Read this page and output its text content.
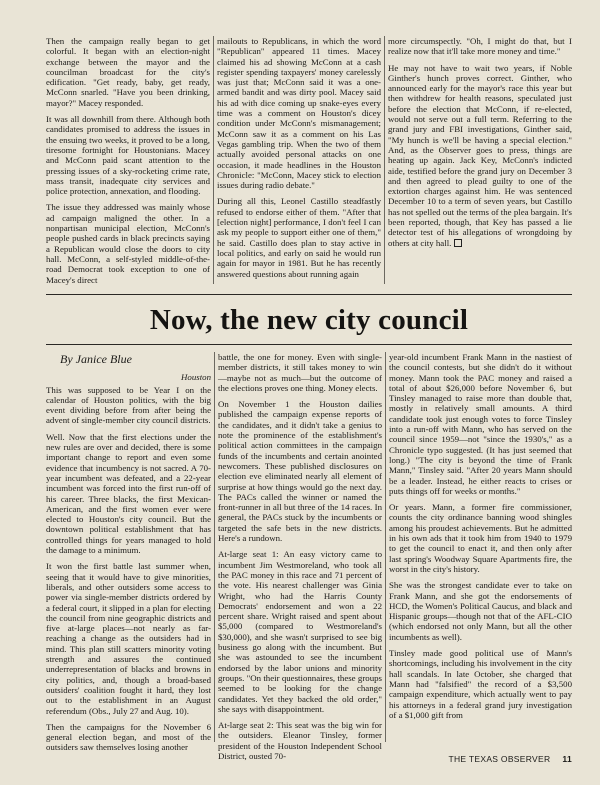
Then the campaign really began to get colorful. It began with an election-night exchange between the mayor and the councilman broadcast for the city's edification. "Get ready, baby, get ready, McConn snarled. "Have you been drinking, mayor?" Macey responded.

It was all downhill from there. Although both candidates promised to address the issues in the ensuing two weeks, it proved to be a long, tiresome fortnight for Houstonians. Macey and McConn paid scant attention to the pressing issues of a sky-rocketing crime rate, mass transit, inadequate city services and police protection, annexation, and flooding.

The issue they addressed was mainly whose ad campaign maligned the other. In a nonpartisan municipal election, McConn's people pushed cards in black precincts saying a Republican would close the doors to city hall. McConn, a self-styled middle-of-the-road Democrat took exception to one of Macey's direct

mailouts to Republicans, in which the word "Republican" appeared 11 times. Macey claimed his ad showing McConn at a cash register spending taxpayers' money carelessly was just that; McConn said it was a one-armed bandit and was dirty pool. Macey said his ad with dice coming up snake-eyes every time was a comment on Houston's dicey condition under McConn's mismanagement; McConn saw it as a comment on his Las Vegas gambling trip. When the two of them actually avoided personal attacks on one occasion, it made headlines in the Houston Chronicle: "McConn, Macey stick to election issues during radio debate."

During all this, Leonel Castillo steadfastly refused to endorse either of them. "After that [election night] performance, I don't feel I can ask my people to support either one of them," he said. Castillo does plan to stay active in local politics, and early on said he would run again for mayor in 1981. But he has recently answered questions about running again

more circumspectly. "Oh, I might do that, but I realize now that it'll take more money and time."

He may not have to wait two years, if Noble Ginther's hunch proves correct. Ginther, who announced early for the mayor's race this year but then withdrew for health reasons, speculated just before the election that McConn, if re-elected, would not serve out a full term. Referring to the grand jury and FBI investigations, Ginther said, "My hunch is we'll be having a special election." And, as the Observer goes to press, things are heating up again. Jack Key, McConn's indicted aide, testified before the grand jury on December 3 and then agreed to plead guilty to one of the extortion charges against him. He was sentenced December 10 to a term of seven years, but Castillo has not spelled out the terms of the plea bargain. It's been reported, though, that Key has passed a lie detector test of his allegations of wrongdoing by others at city hall.

Now, the new city council

By Janice Blue

Houston

This was supposed to be Year I on the calendar of Houston politics, with the big event dividing before from after being the advent of single-member city council districts.

Well. Now that the first elections under the new rules are over and decided, there is some important change to report and even some evidence that incumbency is not sacred. A 70-year incumbent was defeated, and a 22-year incumbent was forced into the first run-off of his career. Three blacks, the first Mexican-American, and the first women ever were elected to Houston's city council. But the downtown political establishment that has controlled things for years managed to hold the damage to a minimum.

It won the first battle last summer when, seeing that it would have to give minorities, liberals, and other outsiders some access to power via single-member districts ordered by a federal court, it slipped in a plan for electing the council from nine geographic districts and five at-large places—not nearly as far-reaching a change as the outsiders had in mind. This plan still scatters minority voting strength and assures the continued underrepresentation of blacks and browns in city politics, and, though a broad-based outsiders' coalition fought it hard, they lost out to the establishment in an August referendum (Obs., July 27 and Aug. 10).

Then the campaigns for the November 6 general election began, and most of the outsiders saw themselves losing another

battle, the one for money. Even with single-member districts, it still takes money to win—maybe not as much—but the outcome of the elections proves one thing. Money elects.

On November 1 the Houston dailies published the campaign expense reports of the candidates, and it didn't take a genius to note the prominence of the establishment's political action committees in the campaign funds of the incumbents and certain anointed newcomers. These published disclosures on election eve eliminated nearly all element of surprise at how things would go the next day. The PACs called the winner or named the front-runner in all but three of the 14 races. In general, the PACs stuck by the incumbents or targeted the safe bets in the new districts. Here's a rundown.

At-large seat 1: An easy victory came to incumbent Jim Westmoreland, who took all the PAC money in this race and 71 percent of the vote. His nearest challenger was Ginia Wright, who had the Harris County Democrats' endorsement and won a 22 percent share. Wright raised and spent about $5,000 (compared to Westmoreland's $30,000), and she wasn't surprised to see big business go along with the incumbent. But she was astounded to see the incumbent endorsed by the labor unions and minority groups. "On their questionnaires, these groups seemed to be looking for the change candidates. Yet they backed the old order," she says with disappointment.

At-large seat 2: This seat was the big win for the outsiders. Eleanor Tinsley, former president of the Houston Independent School District, ousted 70-

year-old incumbent Frank Mann in the nastiest of the council contests, but she didn't do it without money. Mann took the PAC money and raised a total of about $26,000 before November 6, but Tinsley managed to raise more than double that, mostly in relatively small amounts. A third candidate took just enough votes to force Tinsley into a run-off with Mann, who has served on the council since 1959—not "since the 1930's," as a Chronicle typo suggested. (It has just seemed that long.) "The city is beyond the time of Frank Mann," Tinsley said. "After 20 years Mann should be a leader. Instead, he either reacts to crises or puts things off for weeks or months."

Or years. Mann, a former fire commissioner, counts the city ordinance banning wood shingles among his proudest achievements. But he admitted in his own ads that it took him from 1940 to 1979 to get the council to enact it, and then only after last spring's Woodway Square Apartments fire, the worst in the city's history.

She was the strongest candidate ever to take on Frank Mann, and she got the endorsements of HCD, the Women's Political Caucus, and black and Hispanic groups—though not that of the AFL-CIO (which endorsed not only Mann, but all the other incumbents as well).

Tinsley made good political use of Mann's shortcomings, including his involvement in the city hall scandals. In late October, she charged that Mann had "falsified" the record of a $3,500 campaign expenditure, which actually went to pay his attorneys in a federal grand jury investigation of a $1,000 gift from

THE TEXAS OBSERVER 11
